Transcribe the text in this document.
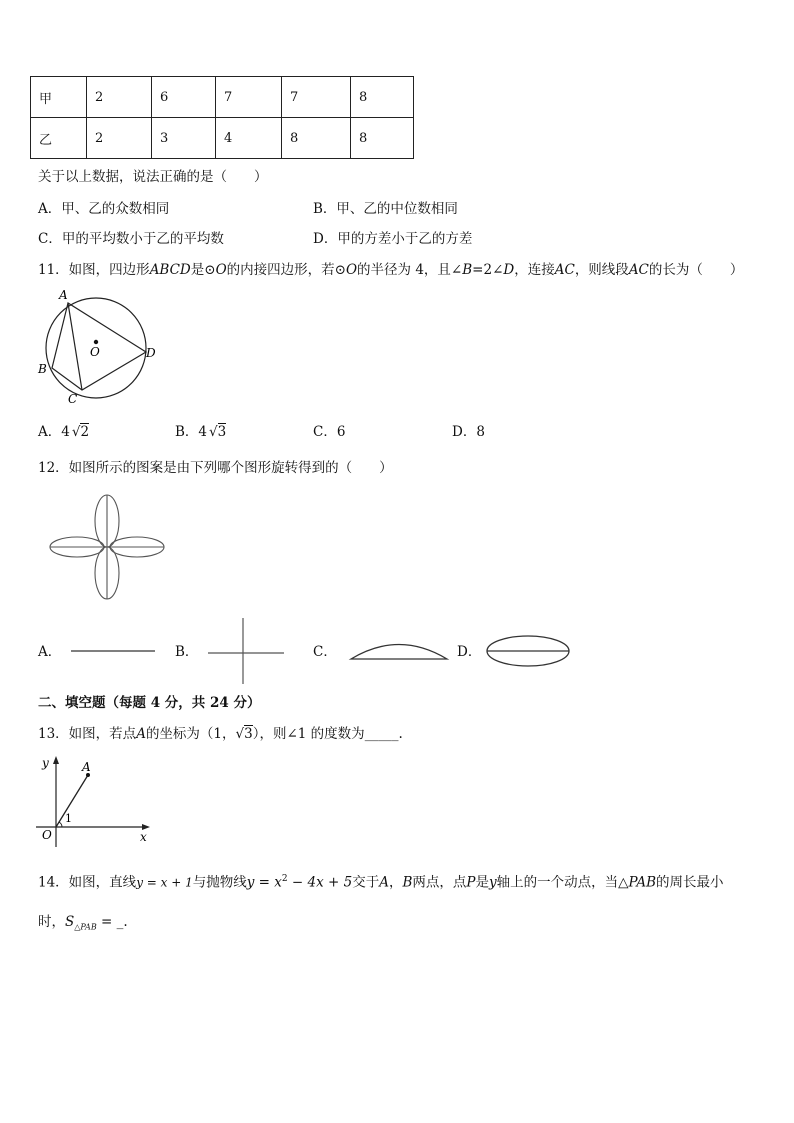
甲	2	6	7	7	8
乙	2	3	4	8	8
关于以上数据，说法正确的是（　　）
A．甲、乙的众数相同	B．甲、乙的中位数相同
C．甲的平均数小于乙的平均数	D．甲的方差小于乙的方差
11．如图，四边形ABCD是⊙O的内接四边形，若⊙O的半径为 4，且∠B=2∠D，连接AC，则线段AC的长为（　　）
A
B
C
D
O
A．4 √2	B．4 √3	C．6	D．8
12．如图所示的图案是由下列哪个图形旋转得到的（　　）
A．	B．	C．	D．
二、填空题（每题 4 分，共 24 分）
13．如图，若点A的坐标为（1，√3），则∠1 的度数为_____.
y	A
x
O
1
14．如图，直线y = x + 1与抛物线$y = x^2 - 4x + 5$交于A，B两点，点P是y轴上的一个动点，当△PAB的周长最小
时，$S_{\triangle PAB}$ = _.
